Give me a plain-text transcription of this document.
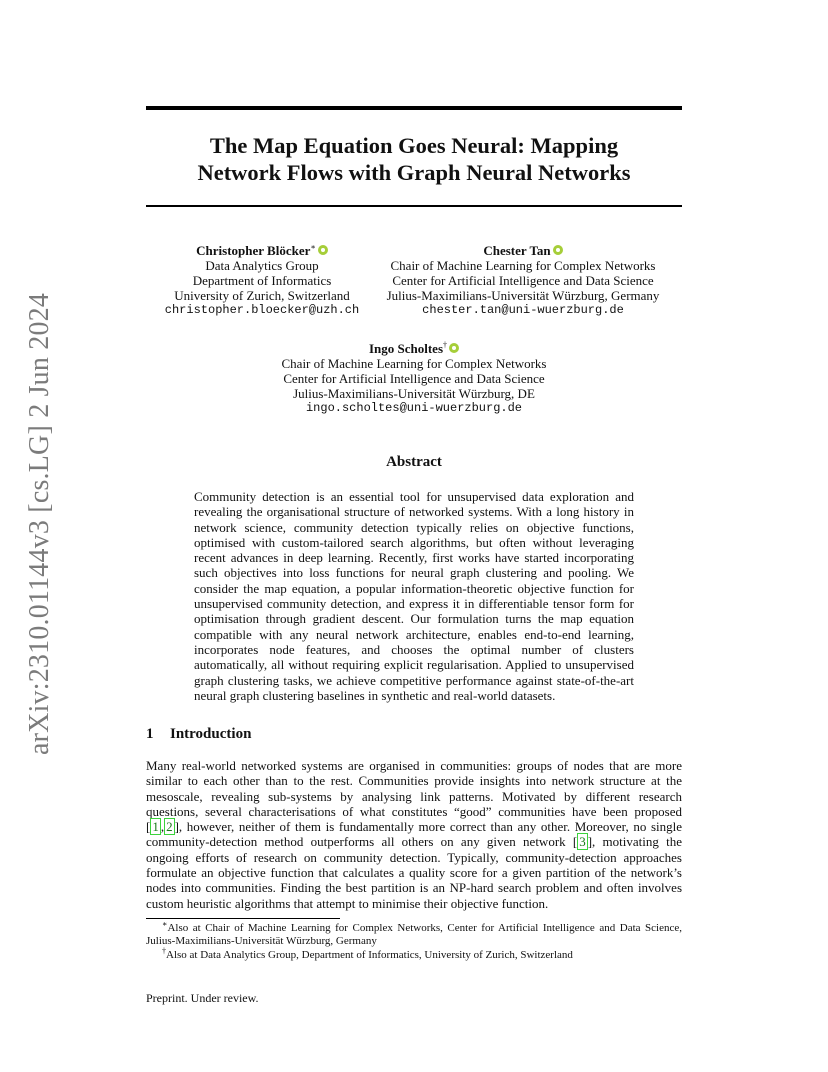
arXiv:2310.01144v3 [cs.LG] 2 Jun 2024
The Map Equation Goes Neural: Mapping
Network Flows with Graph Neural Networks
Christopher Blöcker∗
Data Analytics Group
Department of Informatics
University of Zurich, Switzerland
christopher.bloecker@uzh.ch
Chester Tan
Chair of Machine Learning for Complex Networks
Center for Artificial Intelligence and Data Science
Julius-Maximilians-Universität Würzburg, Germany
chester.tan@uni-wuerzburg.de
Ingo Scholtes†
Chair of Machine Learning for Complex Networks
Center for Artificial Intelligence and Data Science
Julius-Maximilians-Universität Würzburg, DE
ingo.scholtes@uni-wuerzburg.de
Abstract
Community detection is an essential tool for unsupervised data exploration and revealing the organisational structure of networked systems. With a long history in network science, community detection typically relies on objective functions, optimised with custom-tailored search algorithms, but often without leveraging recent advances in deep learning. Recently, first works have started incorporating such objectives into loss functions for neural graph clustering and pooling. We consider the map equation, a popular information-theoretic objective function for unsupervised community detection, and express it in differentiable tensor form for optimisation through gradient descent. Our formulation turns the map equation compatible with any neural network architecture, enables end-to-end learning, incorporates node features, and chooses the optimal number of clusters automatically, all without requiring explicit regularisation. Applied to unsupervised graph clustering tasks, we achieve competitive performance against state-of-the-art neural graph clustering baselines in synthetic and real-world datasets.
1 Introduction
Many real-world networked systems are organised in communities: groups of nodes that are more similar to each other than to the rest. Communities provide insights into network structure at the mesoscale, revealing sub-systems by analysing link patterns. Motivated by different research questions, several characterisations of what constitutes “good” communities have been proposed [ 1 , 2 ], however, neither of them is fundamentally more correct than any other. Moreover, no single community-detection method outperforms all others on any given network [ 3 ], motivating the ongoing efforts of research on community detection. Typically, community-detection approaches formulate an objective function that calculates a quality score for a given partition of the network’s nodes into communities. Finding the best partition is an NP-hard search problem and often involves custom heuristic algorithms that attempt to minimise their objective function.
∗Also at Chair of Machine Learning for Complex Networks, Center for Artificial Intelligence and Data Science, Julius-Maximilians-Universität Würzburg, Germany
†Also at Data Analytics Group, Department of Informatics, University of Zurich, Switzerland
Preprint. Under review.
